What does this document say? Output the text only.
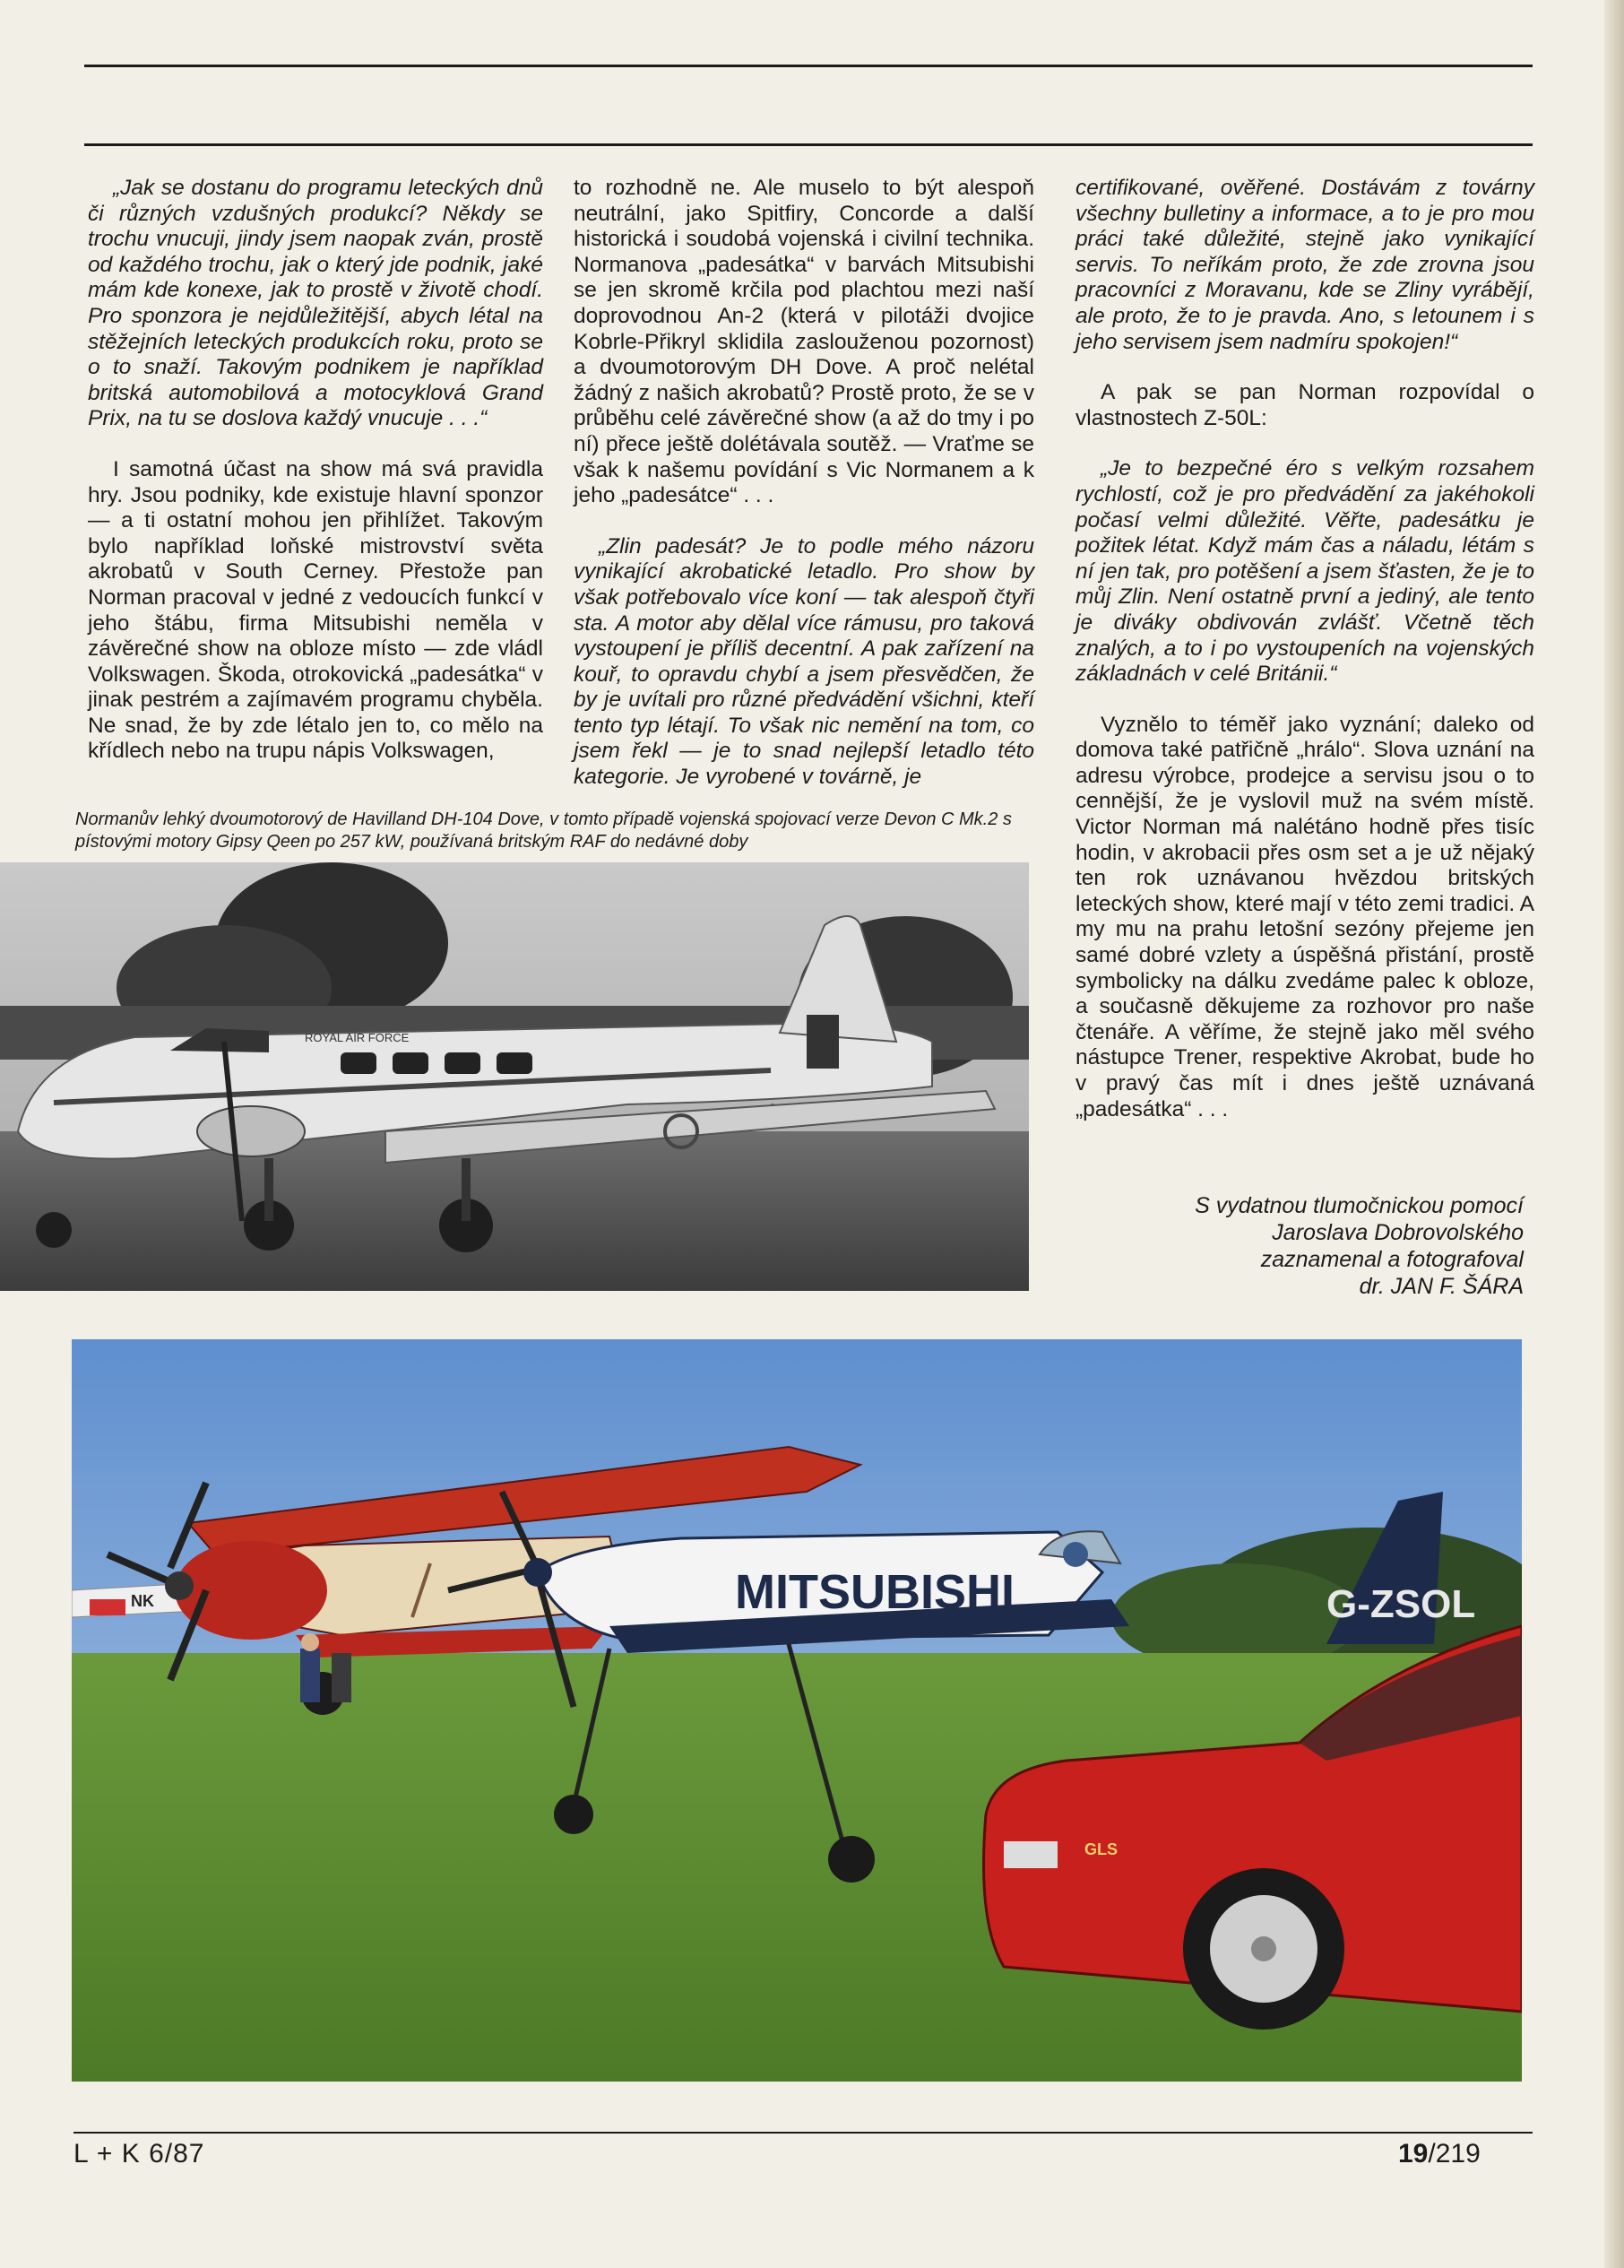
„Jak se dostanu do programu leteckých dnů či různých vzdušných produkcí? Někdy se trochu vnucuji, jindy jsem naopak zván, prostě od každého trochu, jak o který jde podnik, jaké mám kde konexe, jak to prostě v životě chodí. Pro sponzora je nejdůležitější, abych létal na stěžejních leteckých produkcích roku, proto se o to snaží. Takovým podnikem je například britská automobilová a motocyklová Grand Prix, na tu se doslova každý vnucuje . . .“

I samotná účast na show má svá pravidla hry. Jsou podniky, kde existuje hlavní sponzor — a ti ostatní mohou jen přihlížet. Takovým bylo například loňské mistrovství světa akrobatů v South Cerney. Přestože pan Norman pracoval v jedné z vedoucích funkcí v jeho štábu, firma Mitsubishi neměla v závěrečné show na obloze místo — zde vládl Volkswagen. Škoda, otrokovická „padesátka“ v jinak pestrém a zajímavém programu chyběla. Ne snad, že by zde létalo jen to, co mělo na křídlech nebo na trupu nápis Volkswagen,

to rozhodně ne. Ale muselo to být alespoň neutrální, jako Spitfiry, Concorde a další historická i soudobá vojenská i civilní technika. Normanova „padesátka“ v barvách Mitsubishi se jen skromě krčila pod plachtou mezi naší doprovodnou An-2 (která v pilotáži dvojice Kobrle-Přikryl sklidila zaslouženou pozornost) a dvoumotorovým DH Dove. A proč nelétal žádný z našich akrobatů? Prostě proto, že se v průběhu celé závěrečné show (a až do tmy i po ní) přece ještě dolétávala soutěž. — Vraťme se však k našemu povídání s Vic Normanem a k jeho „padesátce“ . . .

„Zlin padesát? Je to podle mého názoru vynikající akrobatické letadlo. Pro show by však potřebovalo více koní — tak alespoň čtyři sta. A motor aby dělal více rámusu, pro taková vystoupení je příliš decentní. A pak zařízení na kouř, to opravdu chybí a jsem přesvědčen, že by je uvítali pro různé předvádění všichni, kteří tento typ létají. To však nic nemění na tom, co jsem řekl — je to snad nejlepší letadlo této kategorie. Je vyrobené v továrně, je

certifikované, ověřené. Dostávám z továrny všechny bulletiny a informace, a to je pro mou práci také důležité, stejně jako vynikající servis. To neříkám proto, že zde zrovna jsou pracovníci z Moravanu, kde se Zliny vyrábějí, ale proto, že to je pravda. Ano, s letounem i s jeho servisem jsem nadmíru spokojen!“

A pak se pan Norman rozpovídal o vlastnostech Z-50L:

„Je to bezpečné éro s velkým rozsahem rychlostí, což je pro předvádění za jakéhokoli počasí velmi důležité. Věřte, padesátku je požitek létat. Když mám čas a náladu, létám s ní jen tak, pro potěšení a jsem šťasten, že je to můj Zlin. Není ostatně první a jediný, ale tento je diváky obdivován zvlášť. Včetně těch znalých, a to i po vystoupeních na vojenských základnách v celé Británii.“

Vyznělo to téměř jako vyznání; daleko od domova také patřičně „hrálo“. Slova uznání na adresu výrobce, prodejce a servisu jsou o to cennější, že je vyslovil muž na svém místě. Victor Norman má nalétáno hodně přes tisíc hodin, v akrobacii přes osm set a je už nějaký ten rok uznávanou hvězdou britských leteckých show, které mají v této zemi tradici. A my mu na prahu letošní sezóny přejeme jen samé dobré vzlety a úspěšná přistání, prostě symbolicky na dálku zvedáme palec k obloze, a současně děkujeme za rozhovor pro naše čtenáře. A věříme, že stejně jako měl svého nástupce Trener, respektive Akrobat, bude ho v pravý čas mít i dnes ještě uznávaná „padesátka“ . . .

Normanův lehký dvoumotorový de Havilland DH-104 Dove, v tomto případě vojenská spojovací verze Devon C Mk.2 s pístovými motory Gipsy Qeen po 257 kW, používaná britským RAF do nedávné doby
ROYAL AIR FORCE
S vydatnou tlumočnickou pomocí
Jaroslava Dobrovolského
zaznamenal a fotografoval
dr. JAN F. ŠÁRA
NK	MITSUBISHI	G-ZSOL
GLS
L + K 6/87	19/219
